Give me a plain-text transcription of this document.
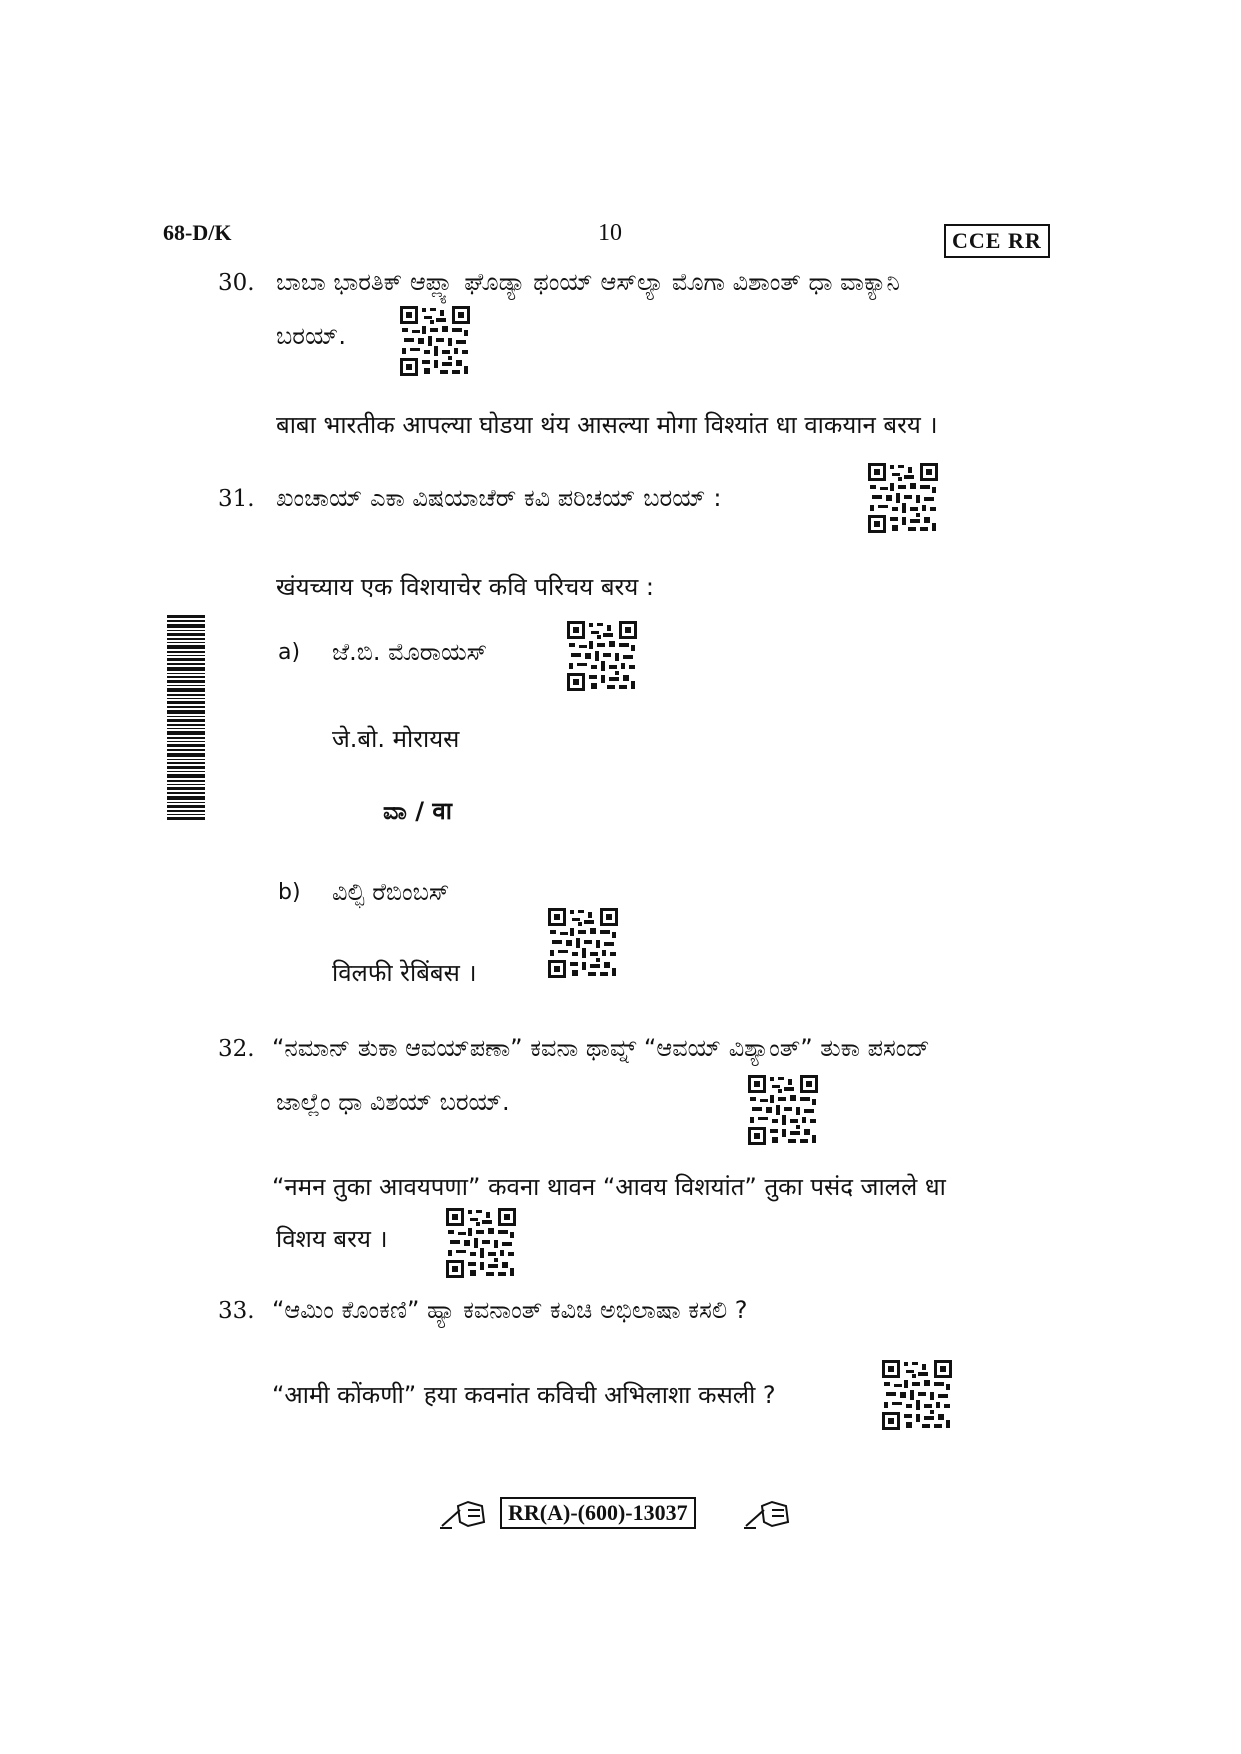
68-D/K	10	CCE RR
30. ಬಾಬಾ ಭಾರತಿಕ್ ಆಪ್ಲ್ಯಾ ಘೊಡ್ಯಾ ಥಂಯ್ ಆಸ್‌ಲ್ಯಾ ಮೊಗಾ ವಿಶಾಂತ್ ಧಾ ವಾಕ್ಯಾನಿ
ಬರಯ್.
बाबा भारतीक आपल्या घोडया थंय आसल्या मोगा विश्यांत धा वाकयान बरय ।
31. ಖಂಚಾಯ್ ಎಕಾ ವಿಷಯಾಚೆರ್ ಕವಿ ಪರಿಚಯ್ ಬರಯ್ :
खंयच्याय एक विशयाचेर कवि परिचय बरय :
a) ಜೆ.ಬಿ. ಮೊರಾಯಸ್
जे.बो. मोरायस
ವಾ / वा
b) ವಿಲ್ಫಿ ರೆಬಿಂಬಸ್
विलफी रेबिंबस ।
32. “ನಮಾನ್ ತುಕಾ ಆವಯ್‌ಪಣಾ” ಕವನಾ ಥಾವ್ನ್ “ಆವಯ್ ವಿಶ್ಯಾಂತ್” ತುಕಾ ಪಸಂದ್
ಜಾಲ್ಲೆಂ ಧಾ ವಿಶಯ್ ಬರಯ್.
“नमन तुका आवयपणा” कवना थावन “आवय विशयांत” तुका पसंद जालले धा
विशय बरय ।
33. “ಆಮಿಂ ಕೊಂಕಣಿ” ಹ್ಯಾ ಕವನಾಂತ್ ಕವಿಚಿ ಅಭಿಲಾಷಾ ಕಸಲಿ ?
“आमी कोंकणी” हया कवनांत कविची अभिलाशा कसली ?
RR(A)-(600)-13037
